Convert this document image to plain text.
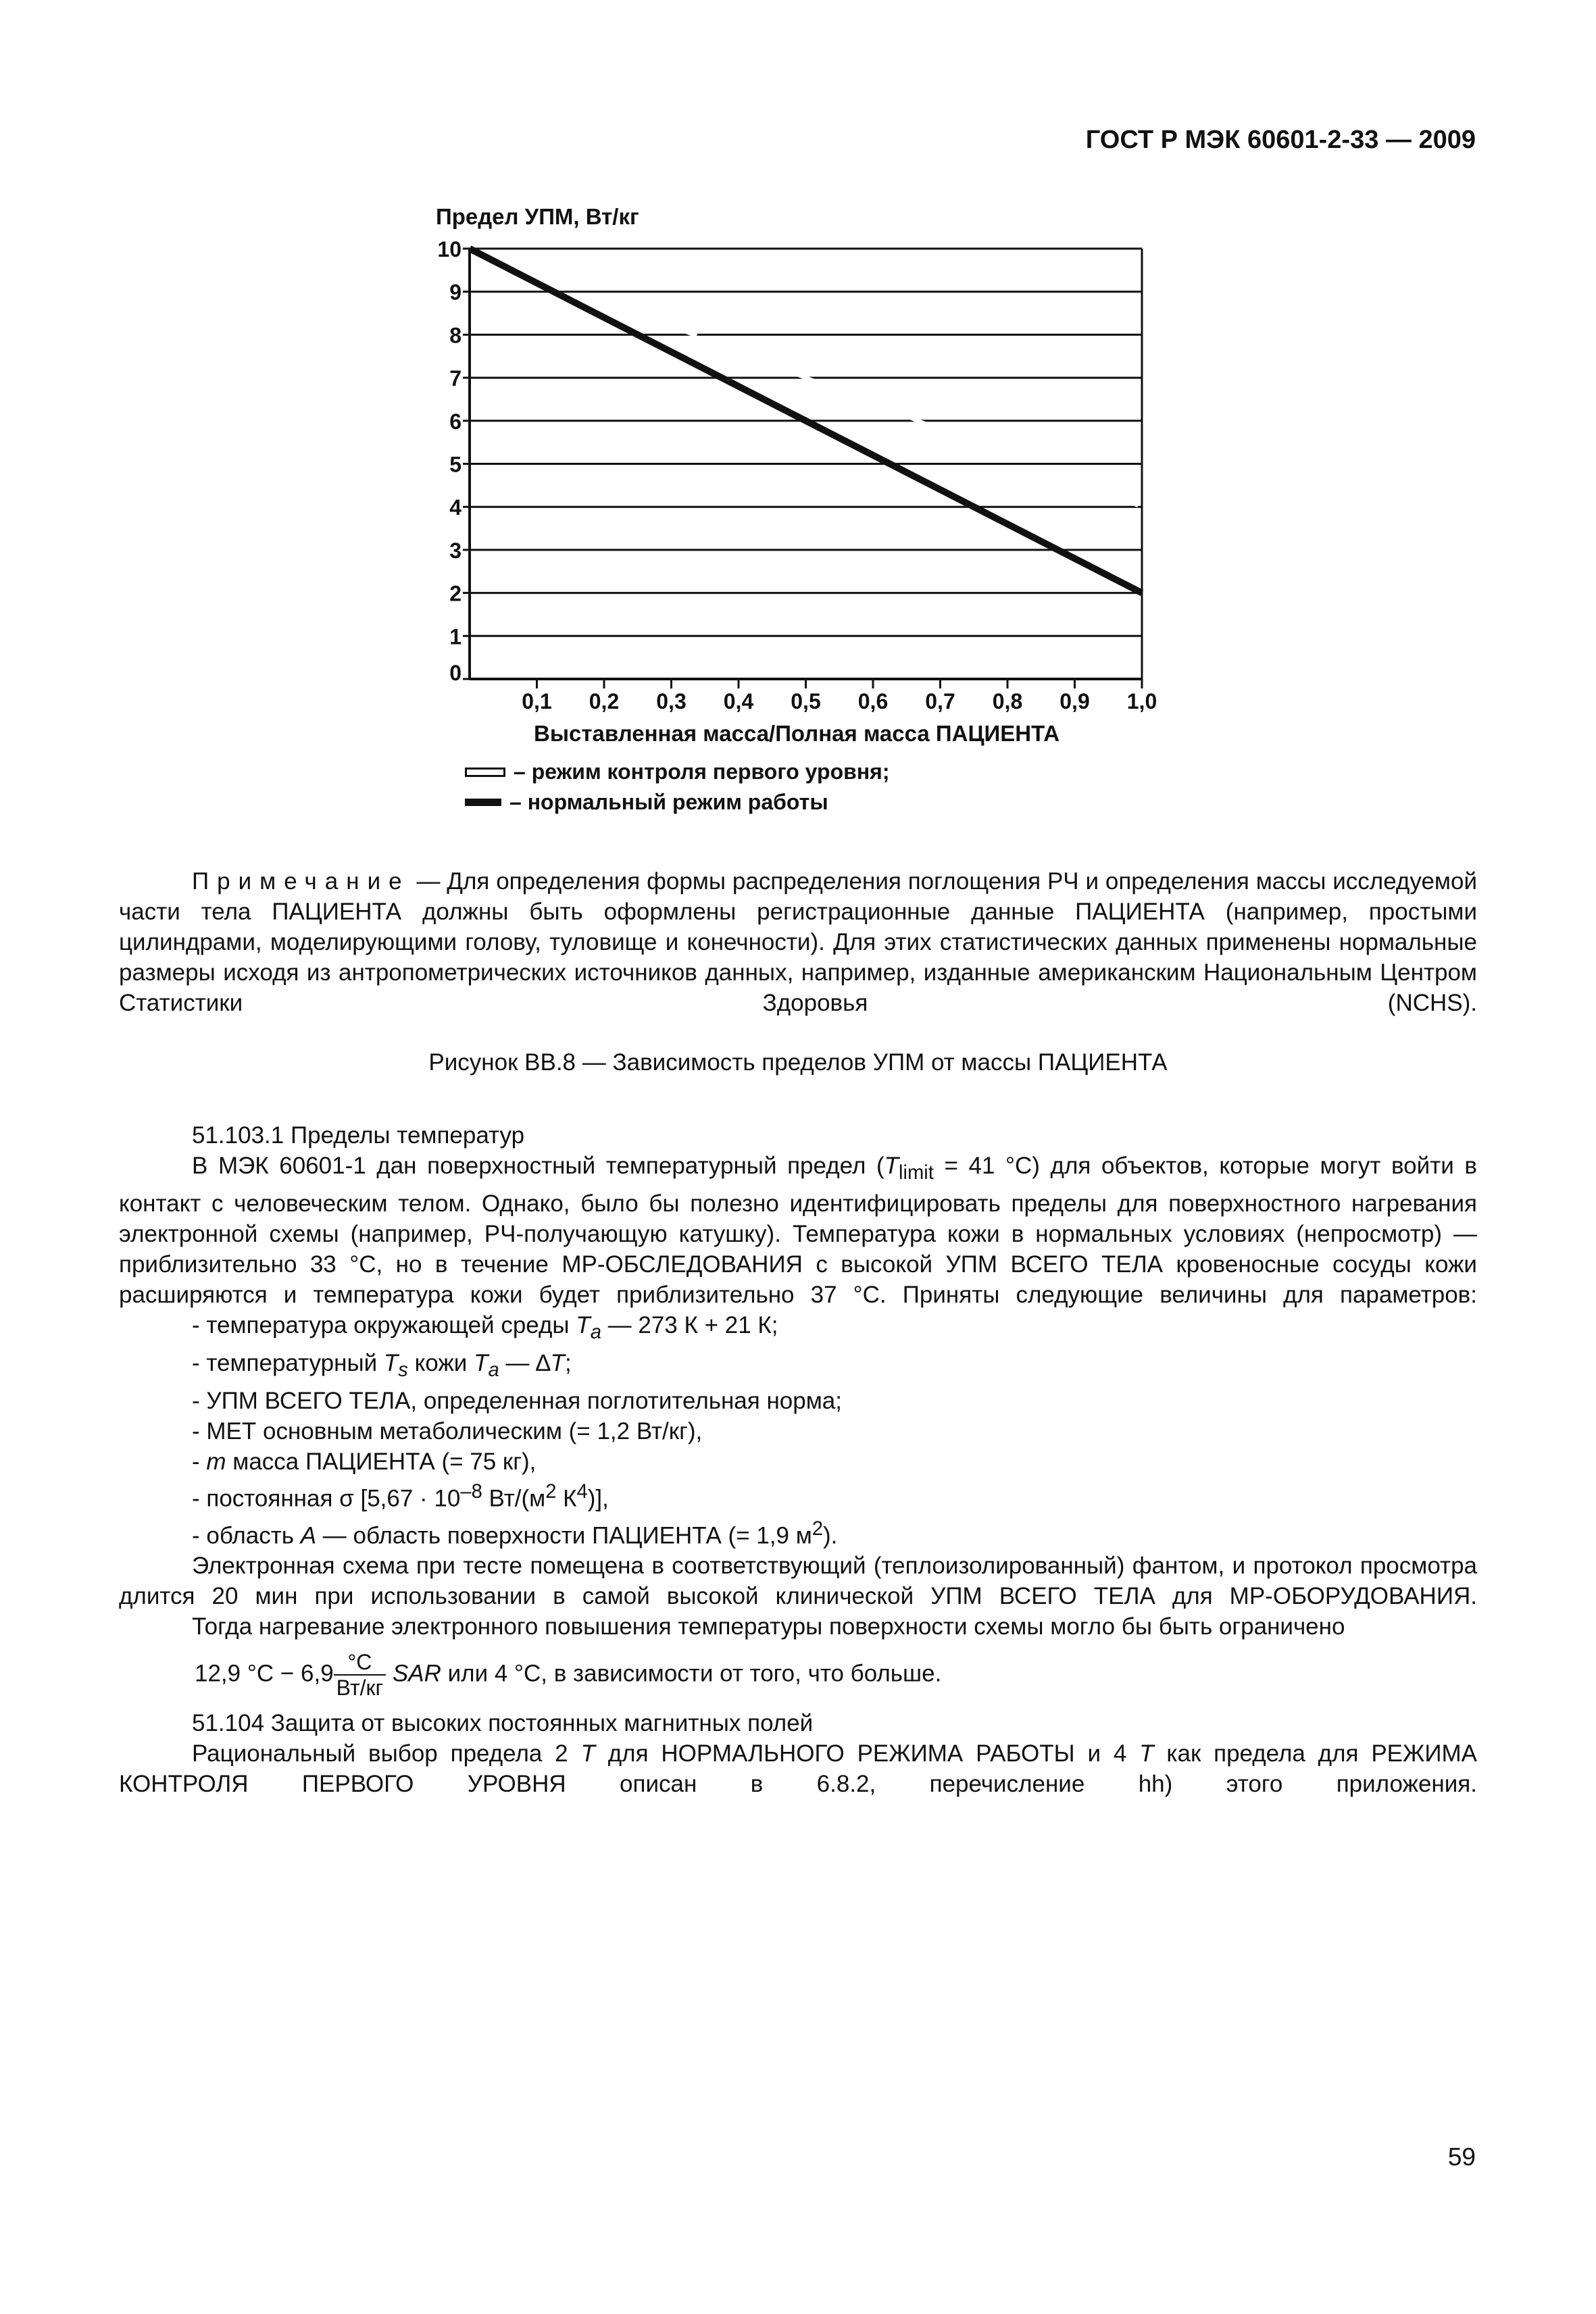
ГОСТ Р МЭК 60601-2-33 — 2009
0
1
2
3
4
5
6
7
8
9
10
0,1 0,2 0,3 0,4 0,5 0,6 0,7 0,8 0,9 1,0
Предел УПМ, Вт/кг
Выставленная масса/Полная масса ПАЦИЕНТА
– режим контроля первого уровня;
– нормальный режим работы
Примечание — Для определения формы распределения поглощения РЧ и определения массы исследуемой части тела ПАЦИЕНТА должны быть оформлены регистрационные данные ПАЦИЕНТА (например, простыми цилиндрами, моделирующими голову, туловище и конечности). Для этих статистических данных применены нормальные размеры исходя из антропометрических источников данных, например, изданные американским Национальным Центром Статистики Здоровья (NCHS).
Рисунок ВВ.8 — Зависимость пределов УПМ от массы ПАЦИЕНТА

51.103.1 Пределы температур

В МЭК 60601-1 дан поверхностный температурный предел ($T_{limit} = 41$ °С) для объектов, которые могут войти в контакт с человеческим телом. Однако, было бы полезно идентифицировать пределы для поверхностного нагревания электронной схемы (например, РЧ-получающую катушку). Температура кожи в нормальных условиях (непросмотр) — приблизительно 33 °С, но в течение МР-ОБСЛЕДОВАНИЯ с высокой УПМ ВСЕГО ТЕЛА кровеносные сосуды кожи расширяются и температура кожи будет приблизительно 37 °С. Приняты следующие величины для параметров:

- температура окружающей среды $T_a$ — 273 К + 21 К;

- температурный $T_s$ кожи $T_a$ — ∆T;

- УПМ ВСЕГО ТЕЛА, определенная поглотительная норма;

- МЕТ основным метаболическим (= 1,2 Вт/кг),

- m масса ПАЦИЕНТА (= 75 кг),

- постоянная σ [$5,67 \cdot 10^{-8}$ $Вт/(м^2$ $К^4$)],

- область A — область поверхности ПАЦИЕНТА (= 1,9 $м^2$).

Электронная схема при тесте помещена в соответствующий (теплоизолированный) фантом, и протокол просмотра длится 20 мин при использовании в самой высокой клинической УПМ ВСЕГО ТЕЛА для МР-ОБОРУДОВАНИЯ.

Тогда нагревание электронного повышения температуры поверхности схемы могло бы быть ограничено

12,9 $^\circ С - 6,9 \frac{^\circ С}{Вт/кг}$ SAR или 4 °С, в зависимости от того, что больше.

51.104 Защита от высоких постоянных магнитных полей

Рациональный выбор предела 2 T для НОРМАЛЬНОГО РЕЖИМА РАБОТЫ и 4 T как предела для РЕЖИМА КОНТРОЛЯ ПЕРВОГО УРОВНЯ описан в 6.8.2, перечисление hh) этого приложения.

59
